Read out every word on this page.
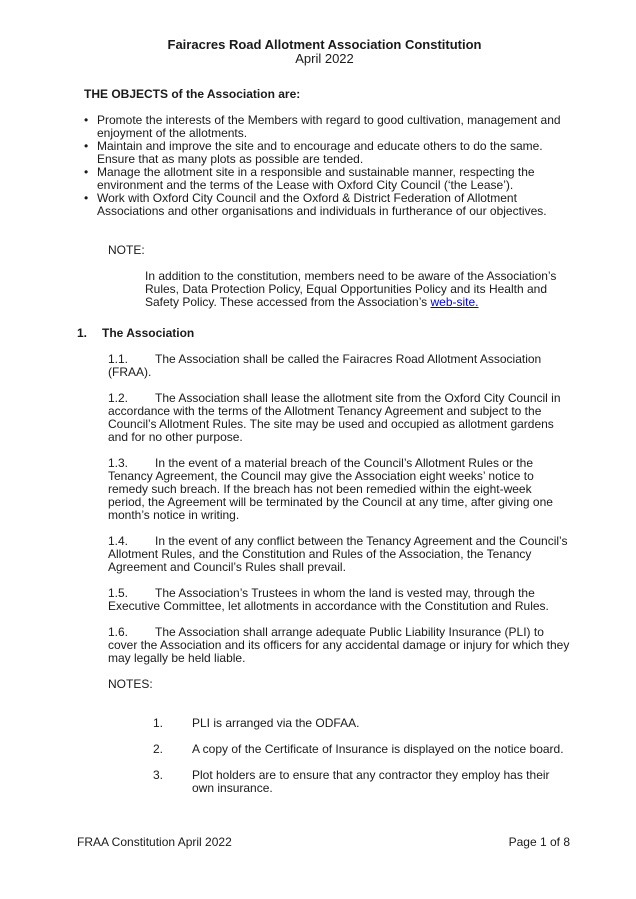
Fairacres Road Allotment Association Constitution
April 2022

THE OBJECTS of the Association are:

• Promote the interests of the Members with regard to good cultivation, management and enjoyment of the allotments.
• Maintain and improve the site and to encourage and educate others to do the same. Ensure that as many plots as possible are tended.
• Manage the allotment site in a responsible and sustainable manner, respecting the environment and the terms of the Lease with Oxford City Council (‘the Lease’).
• Work with Oxford City Council and the Oxford & District Federation of Allotment Associations and other organisations and individuals in furtherance of our objectives.

NOTE:

In addition to the constitution, members need to be aware of the Association’s Rules, Data Protection Policy, Equal Opportunities Policy and its Health and Safety Policy. These accessed from the Association’s web-site.

1. The Association

1.1. The Association shall be called the Fairacres Road Allotment Association (FRAA).

1.2. The Association shall lease the allotment site from the Oxford City Council in accordance with the terms of the Allotment Tenancy Agreement and subject to the Council’s Allotment Rules. The site may be used and occupied as allotment gardens and for no other purpose.

1.3. In the event of a material breach of the Council’s Allotment Rules or the Tenancy Agreement, the Council may give the Association eight weeks’ notice to remedy such breach. If the breach has not been remedied within the eight-week period, the Agreement will be terminated by the Council at any time, after giving one month’s notice in writing.

1.4. In the event of any conflict between the Tenancy Agreement and the Council’s Allotment Rules, and the Constitution and Rules of the Association, the Tenancy Agreement and Council’s Rules shall prevail.

1.5. The Association’s Trustees in whom the land is vested may, through the Executive Committee, let allotments in accordance with the Constitution and Rules.

1.6. The Association shall arrange adequate Public Liability Insurance (PLI) to cover the Association and its officers for any accidental damage or injury for which they may legally be held liable.

NOTES:

1.	PLI is arranged via the ODFAA.
2.	A copy of the Certificate of Insurance is displayed on the notice board.
3.	Plot holders are to ensure that any contractor they employ has their own insurance.
FRAA Constitution April 2022	Page 1 of 8
